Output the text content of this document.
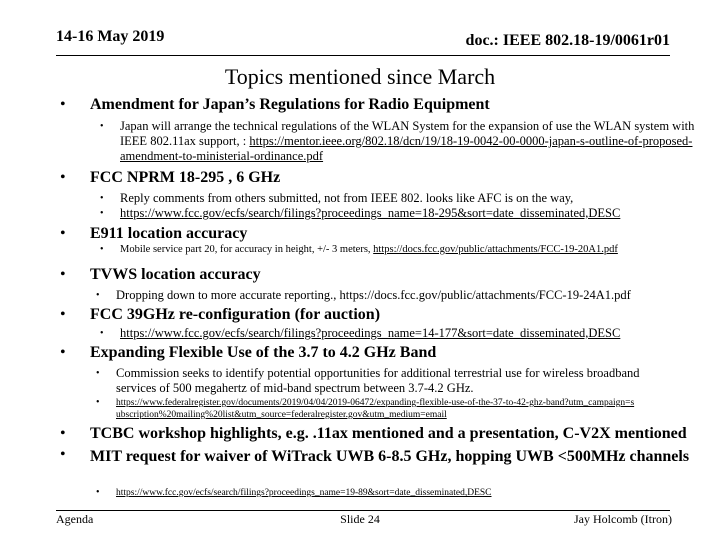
14-16 May 2019	doc.: IEEE 802.18-19/0061r01
Topics mentioned since March
• Amendment for Japan’s Regulations for Radio Equipment
• Japan will arrange the technical regulations of the WLAN System for the expansion of use the WLAN system with IEEE 802.11ax support, : https://mentor.ieee.org/802.18/dcn/19/18-19-0042-00-0000-japan-s-outline-of-proposed-amendment-to-ministerial-ordinance.pdf
• FCC NPRM 18-295 , 6 GHz
• Reply comments from others submitted, not from IEEE 802. looks like AFC is on the way,
• https://www.fcc.gov/ecfs/search/filings?proceedings_name=18-295&sort=date_disseminated,DESC
• E911 location accuracy
• Mobile service part 20, for accuracy in height, +/- 3 meters, https://docs.fcc.gov/public/attachments/FCC-19-20A1.pdf
• TVWS location accuracy
• Dropping down to more accurate reporting., https://docs.fcc.gov/public/attachments/FCC-19-24A1.pdf
• FCC 39GHz re-configuration (for auction)
• https://www.fcc.gov/ecfs/search/filings?proceedings_name=14-177&sort=date_disseminated,DESC
• Expanding Flexible Use of the 3.7 to 4.2 GHz Band
• Commission seeks to identify potential opportunities for additional terrestrial use for wireless broadband services of 500 megahertz of mid-band spectrum between 3.7-4.2 GHz.
• https://www.federalregister.gov/documents/2019/04/04/2019-06472/expanding-flexible-use-of-the-37-to-42-ghz-band?utm_campaign=subscription%20mailing%20list&utm_source=federalregister.gov&utm_medium=email
• TCBC workshop highlights, e.g. .11ax mentioned and a presentation, C-V2X mentioned
• MIT request for waiver of WiTrack UWB 6-8.5 GHz, hopping UWB <500MHz channels
• https://www.fcc.gov/ecfs/search/filings?proceedings_name=19-89&sort=date_disseminated,DESC
Agenda	Slide 24	Jay Holcomb (Itron)
